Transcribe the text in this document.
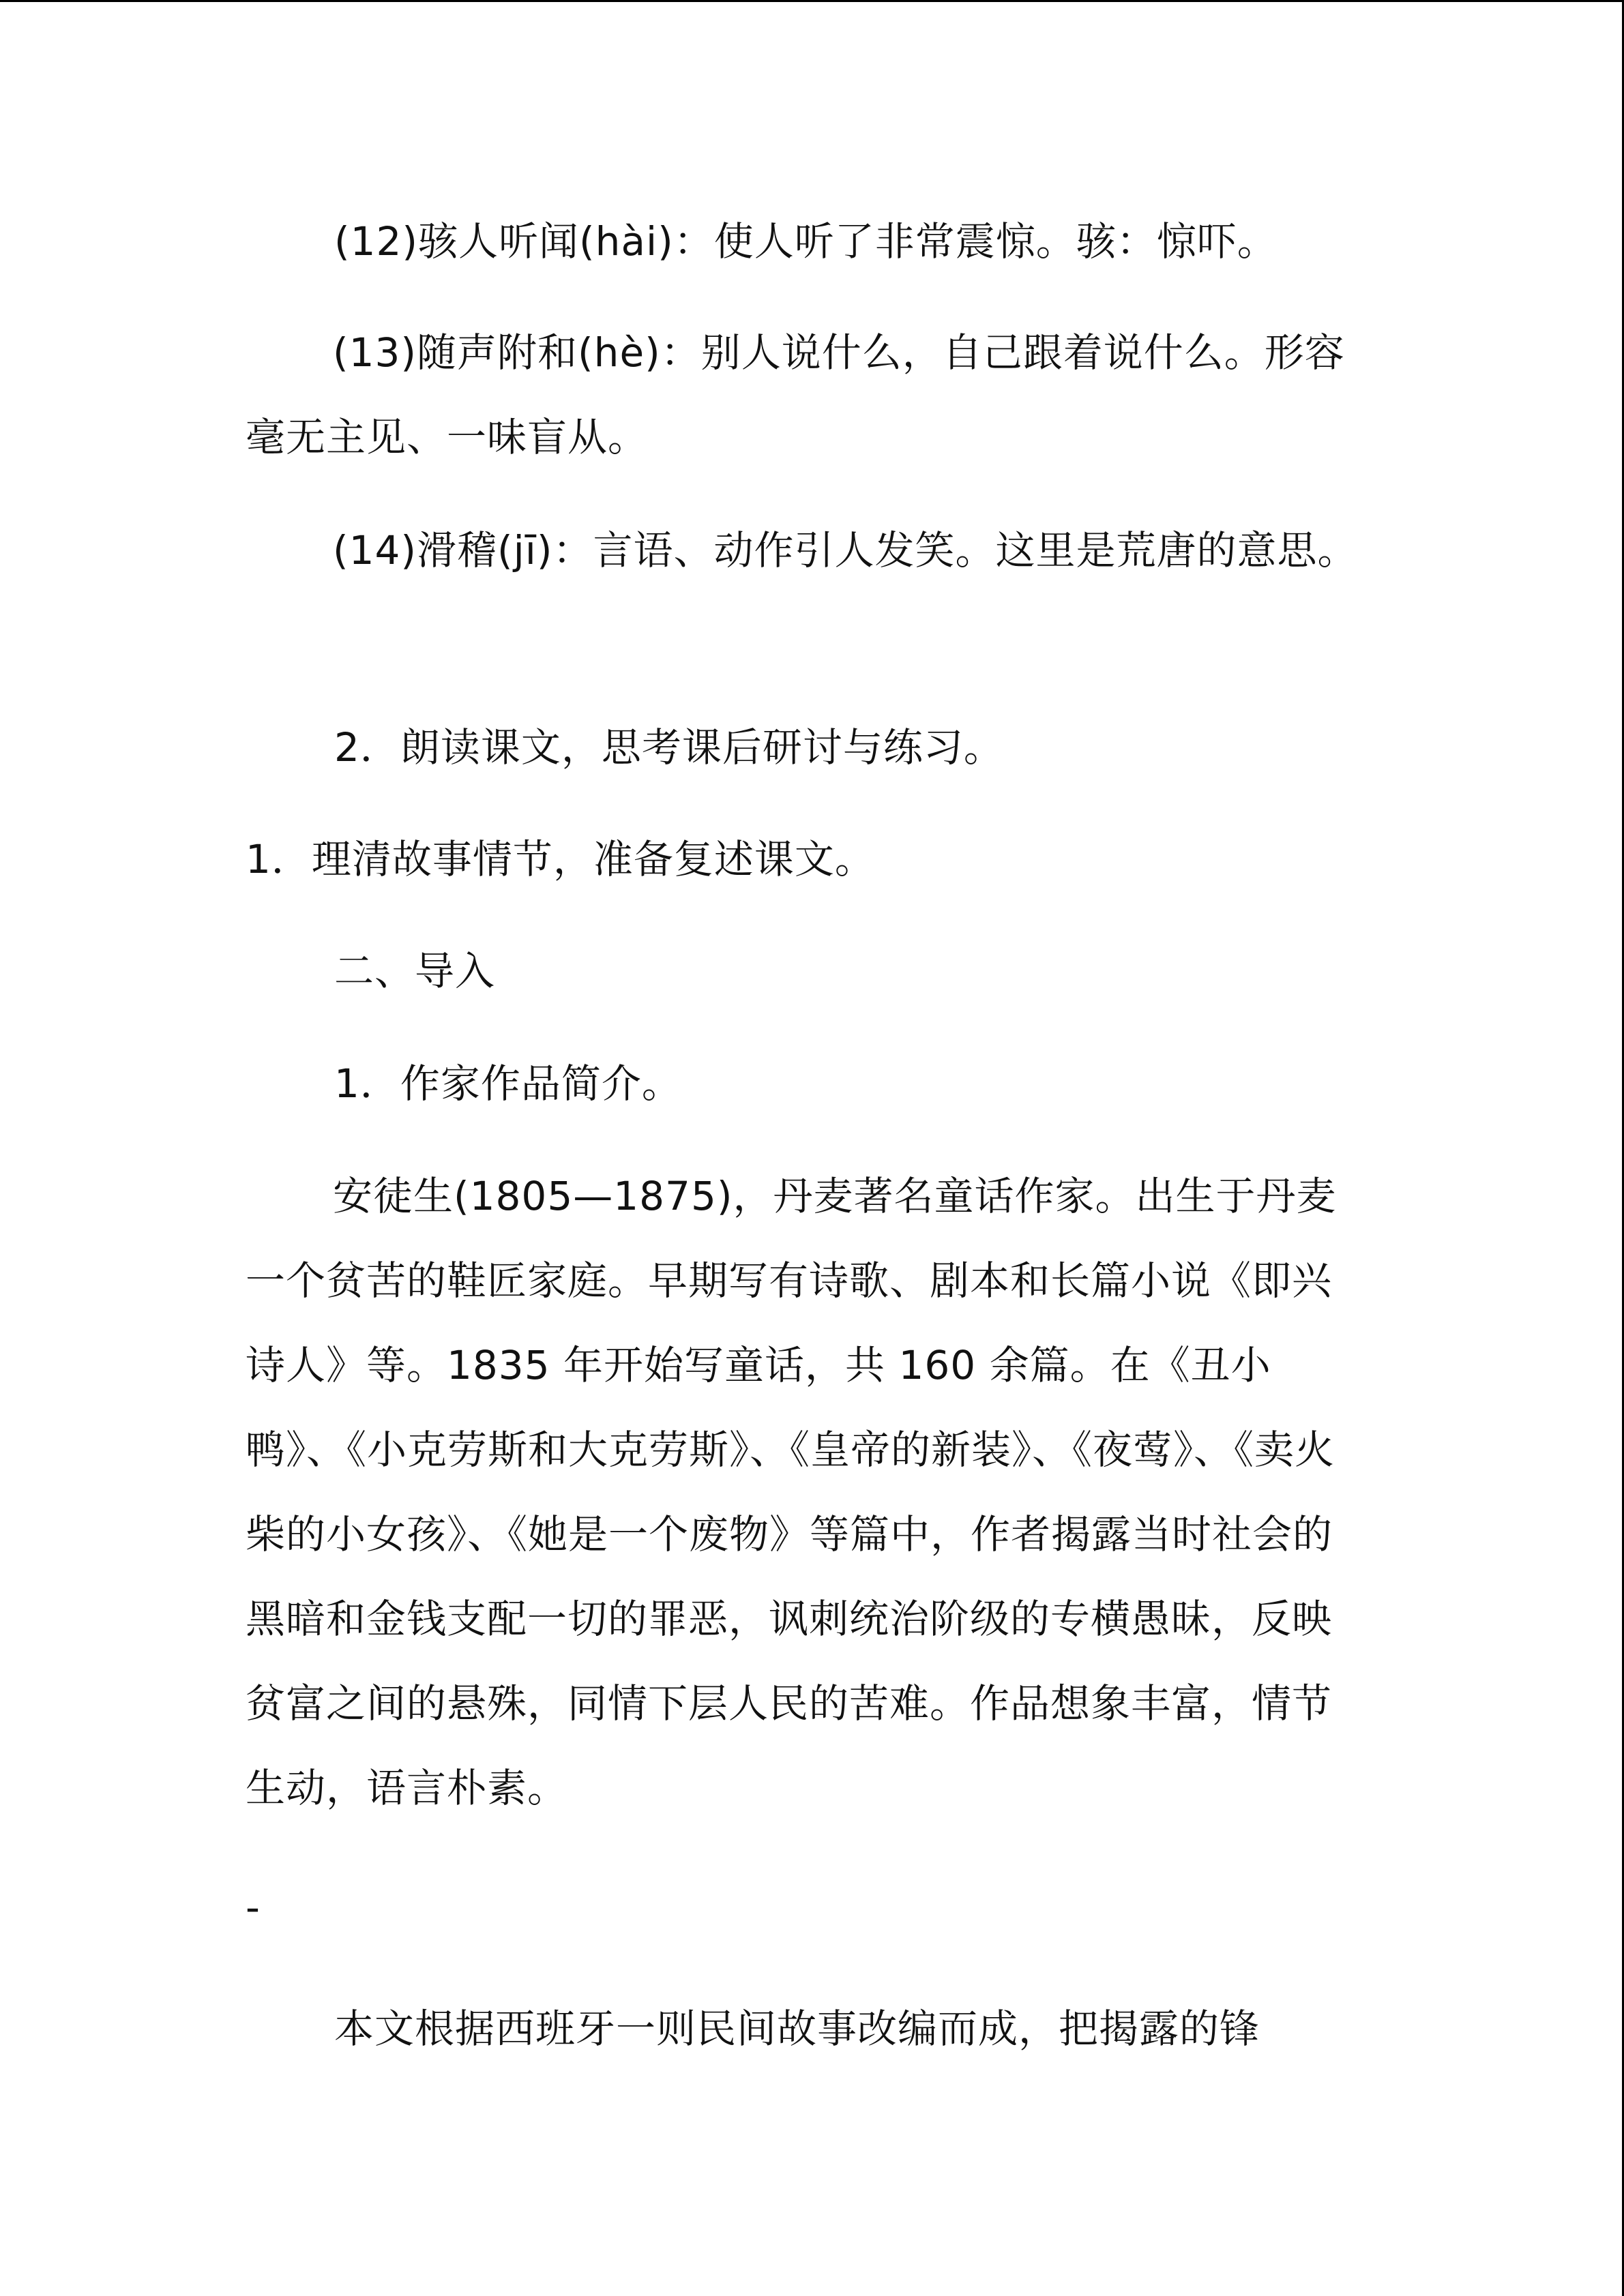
(12)骇人听闻(hài)：使人听了非常震惊。骇：惊吓。
(13)随声附和(hè)：别人说什么，自己跟着说什么。形容毫无主见、一味盲从。
(14)滑稽(jī)：言语、动作引人发笑。这里是荒唐的意思。
2．朗读课文，思考课后研讨与练习。
1．理清故事情节，准备复述课文。
二、导入
1．作家作品简介。
安徒生(1805—1875)，丹麦著名童话作家。出生于丹麦一个贫苦的鞋匠家庭。早期写有诗歌、剧本和长篇小说《即兴诗人》等。1835 年开始写童话，共 160 余篇。在《丑小鸭》、《小克劳斯和大克劳斯》、《皇帝的新装》、《夜莺》、《卖火柴的小女孩》、《她是一个废物》等篇中，作者揭露当时社会的黑暗和金钱支配一切的罪恶，讽刺统治阶级的专横愚昧，反映贫富之间的悬殊，同情下层人民的苦难。作品想象丰富，情节生动，语言朴素。
-
本文根据西班牙一则民间故事改编而成，把揭露的锋
